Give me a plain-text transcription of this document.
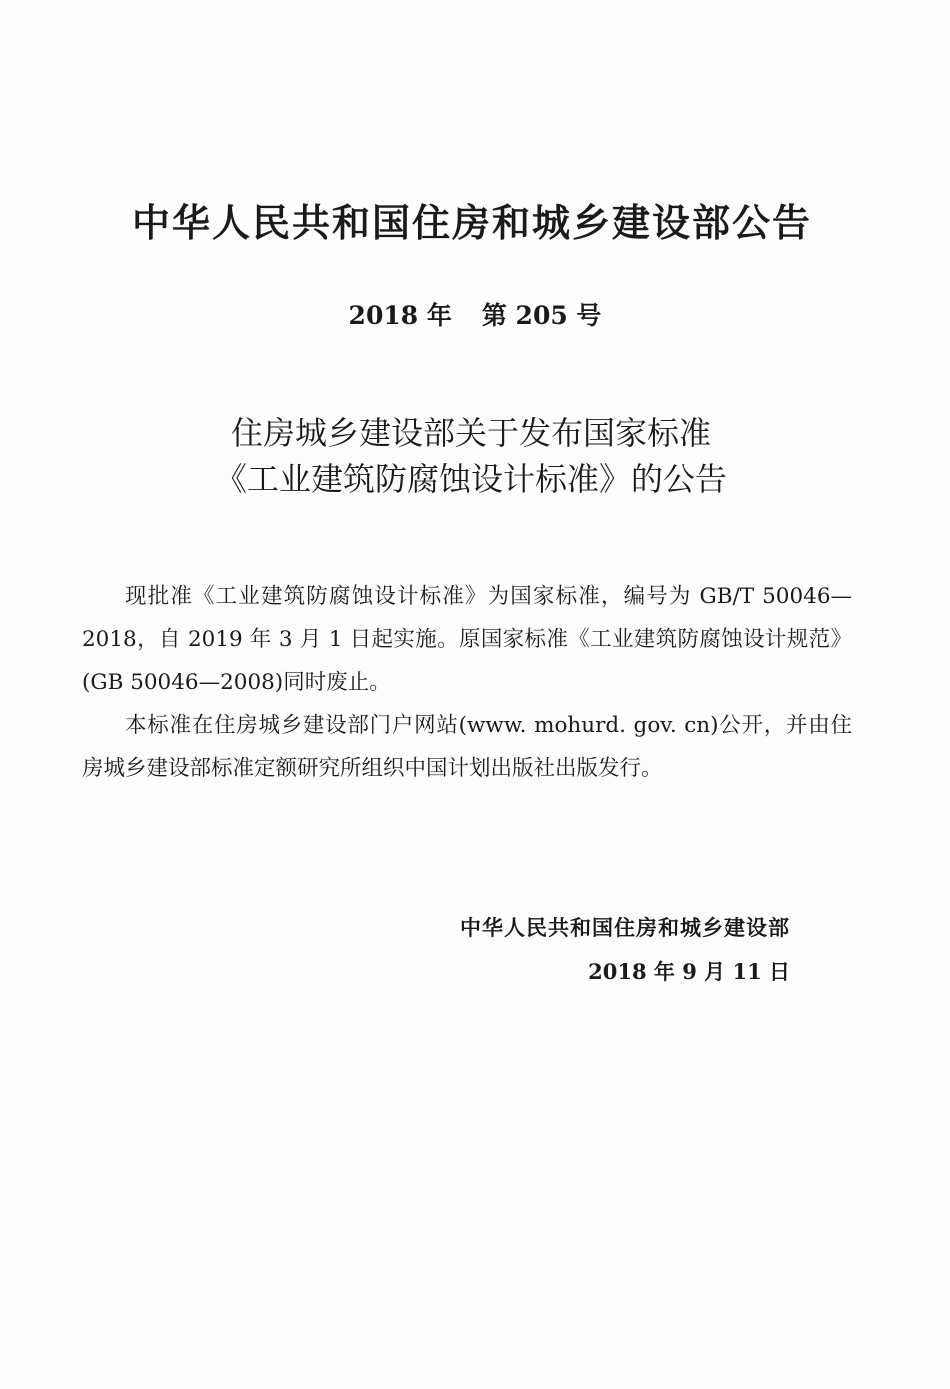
中华人民共和国住房和城乡建设部公告
2018 年 第 205 号
住房城乡建设部关于发布国家标准
《工业建筑防腐蚀设计标准》的公告

现批准《工业建筑防腐蚀设计标准》为国家标准，编号为 GB/T 50046—2018，自 2019 年 3 月 1 日起实施。原国家标准《工业建筑防腐蚀设计规范》(GB 50046—2008)同时废止。

本标准在住房城乡建设部门户网站(www. mohurd. gov. cn)公开，并由住房城乡建设部标准定额研究所组织中国计划出版社出版发行。

中华人民共和国住房和城乡建设部
2018 年 9 月 11 日
